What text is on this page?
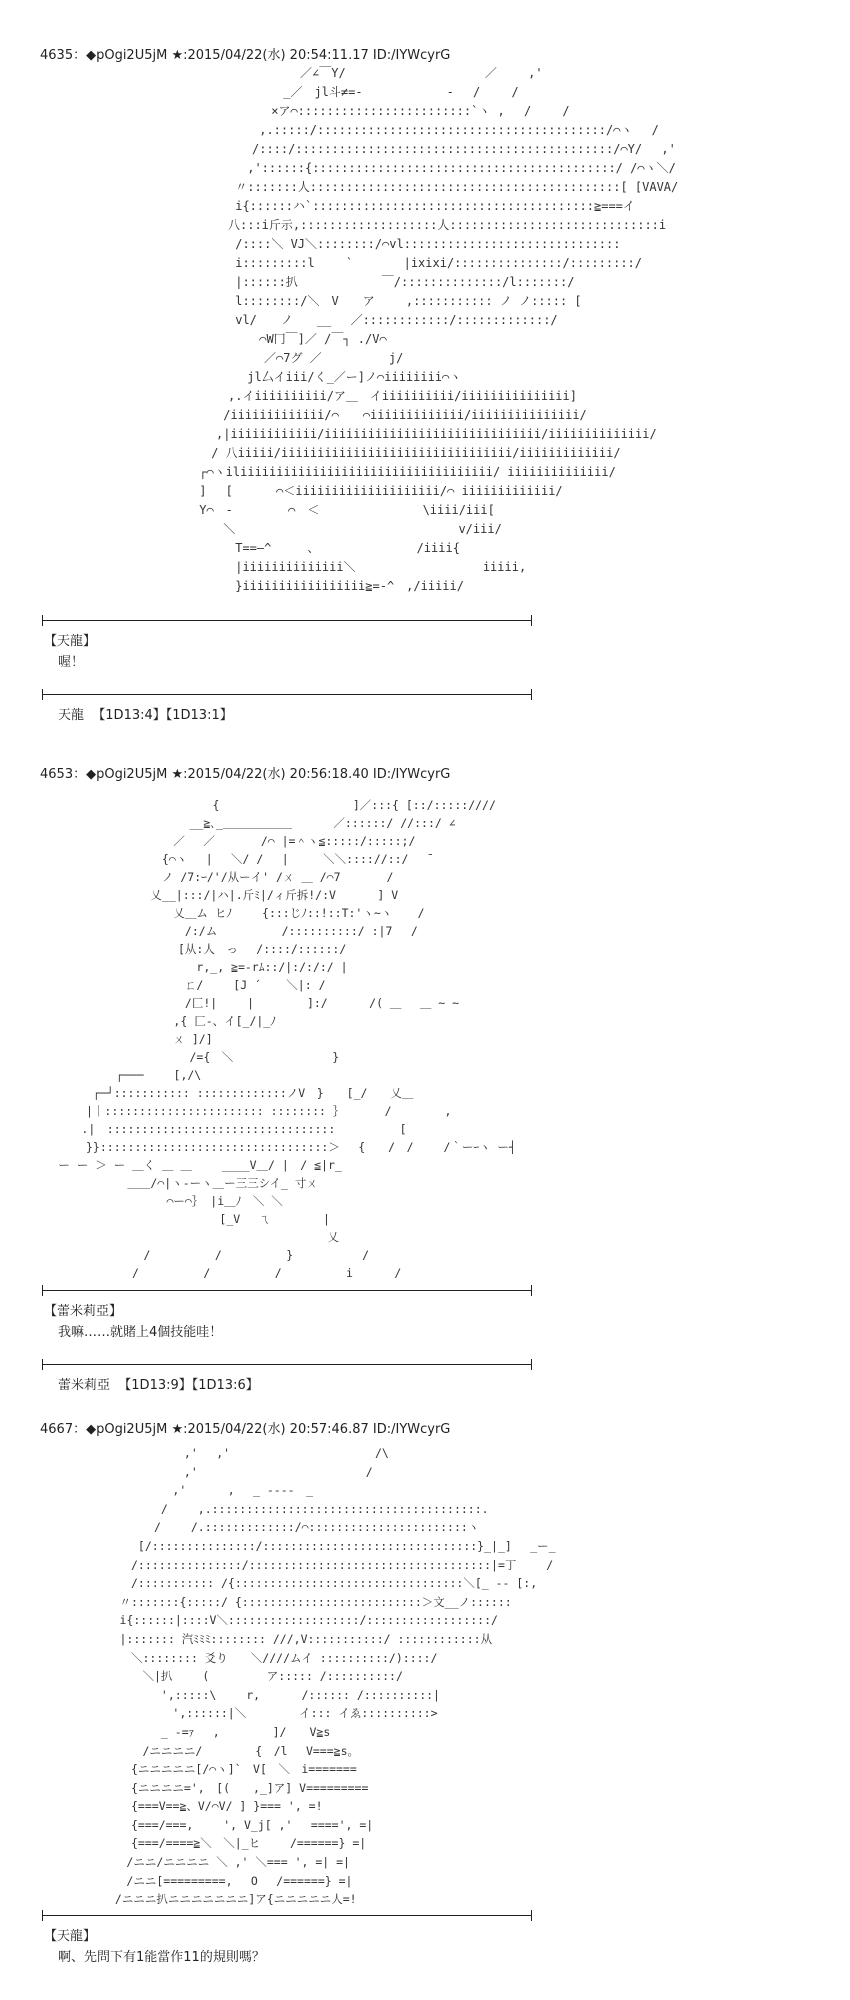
4635：◆pOgi2U5jM ★:2015/04/22(水) 20:54:11.17 ID:/IYWcyrG
　　　　　　　　　　　　　　　／∠￣Y/　　　　　　　　　　　 ／　　 ,'
　　　　　　　　　　　　　 _／　jl斗≠=-　　　　　　　-　 /　　 /
　　　　　　　　　　　　 ×ア⌒::::::::::::::::::::::::`ヽ ,　 /　　 /
　　　　　　　　　　　 ,.:::::/::::::::::::::::::::::::::::::::::::::::/⌒ヽ　 /
　　　　　　　　　　　/::::/::::::::::::::::::::::::::::::::::::::::::::/⌒Y/　 ,'
　　　　　　　　　　 ,'::::::{::::::::::::::::::::::::::::::::::::::::::/ /⌒ヽ＼/
　　　　　　　　　 〃:::::::人:::::::::::::::::::::::::::::::::::::::::::[ [VAVA/
　　　　　　　　　 i{::::::ハ`:::::::::::::::::::::::::::::::::::::::≧===イ
　　　　　　　　　八:::i斤示,:::::::::::::::::::人:::::::::::::::::::::::::::::i
　　　　　　　　　 /::::＼ VJ＼::::::::/⌒vl::::::::::::::::::::::::::::::
　　　　　　　　　 i:::::::::l　　 ` 　　　 |ixixi/:::::::::::::::/:::::::::/
　　　　　　　　　 |::::::扒　　　　　　　￣/::::::::::::::/l:::::::/
　　　　　　　　　 l::::::::/＼　V　　ア　　 ,::::::::::: ノ ノ::::: [
　　　　　　　　　 vl/　　ノ　　__　 ／::::::::::::/:::::::::::::/
　　　　　　　　　　　 ⌒W冂￣]／ /￣┐ ./V⌒
　　　　　　　　　　　　／⌒7グ ／　　　　　 j/
　　　　　　　　　　 jl厶イiii/く_／ー]ノ⌒iiiiiiii⌒ヽ
　　　　　　　　　,.イiiiiiiiiii/ア＿　イiiiiiiiiii/iiiiiiiiiiiiiii]
　　　　　　　　 /iiiiiiiiiiiii/⌒　　⌒iiiiiiiiiiiii/iiiiiiiiiiiiiii/
　　　　　　　　,|iiiiiiiiiiii/iiiiiiiiiiiiiiiiiiiiiiiiiiiiii/iiiiiiiiiiiiii/
　　　　　　　 / 八iiiii/iiiiiiiiiiiiiiiiiiiiiiiiiiiiiiii/iiiiiiiiiiiii/
　　　　　　 ┌⌒ヽiliiiiiiiiiiiiiiiiiiiiiiiiiiiiiiiiiii/ iiiiiiiiiiiiii/
　　　　　　 ] 　[ 　　　⌒＜iiiiiiiiiiiiiiiiiiii/⌒ iiiiiiiiiiiii/
　　　　　　 Y⌒　-　　　　 ⌒　＜　　　　　　　　 \iiii/iii[
　　　　　　　　 ＼　　　　　　　　　　　　　　　　　　 v/iii/
　　　　　　　　　 T==―^　　　、　　　　　　　　 /iiii{
　　　　　　　　　 |iiiiiiiiiiiiii＼　　　　　　　　　　 iiiii,
　　　　　　　　　 }iiiiiiiiiiiiiiiii≧=-^　,/iiiii/
【天龍】
喔！
天龍 【1D13:4】【1D13:1】
4653：◆pOgi2U5jM ★:2015/04/22(水) 20:56:18.40 ID:/IYWcyrG
　　　　　　　　　　　　　　　{　　　　　　　　　　　 ]／:::{ [::/:::::////
　　　　　　　　　　　　　__≧､_＿＿＿＿＿＿　　　 ／::::::/ //:::/ ∠
　　　　　　　　　　　 ／　 ／　　　　/⌒ |=＾ヽ≦:::::/:::::;/
　　　　　　　　　　 {⌒ヽ　 |　 ＼/ /　 |　　　＼＼:::://::/　 ̄
　　　　　　　　　　 ノ /7:ｰ/'/从ーイ' /ㄨ ＿ /⌒7　　　　/
　　　　　　　　　 乂__|:::/|ハ|.斤ﾐ|/ィ斤拆!/:V　　　 ] V
　　　　　　　　　　　 乂＿ム ヒﾉ　　 {:::じﾉ::!::T:'ヽ~ヽ 　 /
　　　　　　　　　　　　 /:/ム　　　　　 /::::::::::/ :|7 　/
　　　　　　　　　　　　[从:人　っ　 /::::/::::::/
　　　　　　　　　　　　　 r,_, ≧=-rﾑ::/|:/:/:/ |
　　　　　　　　　　　　 ㄈ/　　 [J ´ 　 ＼|: /
　　　　　　　　　　　　 /匚!|　　 |　　　　 ]:/　　　 /( ＿　 ＿ ~ ~
　　　　　　　　　　　 ,{ 匚-、イ[_/|_ﾉ
　　　　　　　　　　　 ㄨ ]/]
　　　　　　　　　　　　　/={　＼　　　　　　　　 }
　　　　　　 ┌───　　 [,/\
　　　　 ┌─┘::::::::::: :::::::::::::ノV　}　　[_/　　乂＿
　　　　|｜::::::::::::::::::::::: :::::::: ｝　　　　/　　　　 ,
　　　 .|　:::::::::::::::::::::::::::::::::　　　　　 [
　　　　}}:::::::::::::::::::::::::::::::::＞ 　{　　/　/　　 /｀ーｰヽ ー┤
　 ー ー ＞ ー ＿く ＿ ＿　　 ____V＿/ |　/ ≦|r_
　　　　　　　 ＿＿/⌒|ヽ-ーヽ＿ー三三シイ_ 寸ㄨ
　　　　　　　　　　　⌒ー⌒｝ |i＿ﾉ　＼ ＼
　　　　　　　　　　　　　　　 [_V　 ㄟ　　　　 |
　　　　　　　　　　　　　　　　　　　　　　　　　乂
　　　　　　　　　/　　　　　 /　　　　　 }　　　　　　/
　　　　　　　　/　　　　　 /　　　　　 /　　　　　 i　　　 /
【蕾米莉亞】
我嘛……就賭上4個技能哇！
蕾米莉亞 【1D13:9】【1D13:6】
4667：◆pOgi2U5jM ★:2015/04/22(水) 20:57:46.87 ID:/IYWcyrG
　　　　　　　　 ,'　 ,'　　　　　　　　　　　　 /\
　　　　　　　　 ,'　　　　　　　　　　　　　　 /
　　　　　　　 ,'　　　 ,　 _ ----　_
　　　　　　 /　　 ,.:::::::::::::::::::::::::::::::::::::::.
　　　　　　/　　 /.:::::::::::::/⌒:::::::::::::::::::::::ヽ
　　　　 [/:::::::::::::::/:::::::::::::::::::::::::::::::}_|_]　 _ー_
　　　　/:::::::::::::::/:::::::::::::::::::::::::::::::::::|=丁　　 /
　　　　/::::::::::: /{:::::::::::::::::::::::::::::::::＼[_ -- [:,
　　　〃:::::::{:::::/ {::::::::::::::::::::::::::＞文__ノ::::::
　　　i{::::::|::::V＼:::::::::::::::::::/::::::::::::::::::/
　　　|::::::: 汽ﾐﾐﾐ:::::::: ///,V:::::::::::/ ::::::::::::从
　　　　＼:::::::: 爻り　　＼////ムイ ::::::::::/)::::/
　　　　　＼|扒　　 (　　　　　ア::::: /::::::::::/
　　　　　　 ',:::::\　　 r,　　　 /:::::: /::::::::::|
　　　　　　　 ',::::::|＼　　　　 イ::: イゑ::::::::::>
　　　　　　 _ -=ｧ　 ,　　　　 ]/　　V≧s
　　　　　/ニニニニ/　　　　 {　/l　 V===≧s。
　　　　{ニニニニニ[/⌒ヽ]`　V[　＼　i=======
　　　　{ニニニニ=',　[(　　,_]ア] V=========
　　　　{===V==≧、V/⌒V/ ] }=== ', =!
　　　　{===/===,　　 ', V_j[ ,'　 ====', =|
　　　　{===/====≧＼　＼|_ヒ　　 /======} =|
　　　 /ニニ/ニニニニ ＼ ,' ＼=== ', =| =|
　　　 /ニニ[=========,　 O　 /======} =|
　　 /ニニニ扒ニニニニニニニ]ア{ニニニニニ人=!
【天龍】
啊、先問下有1能當作11的規則嗎？
